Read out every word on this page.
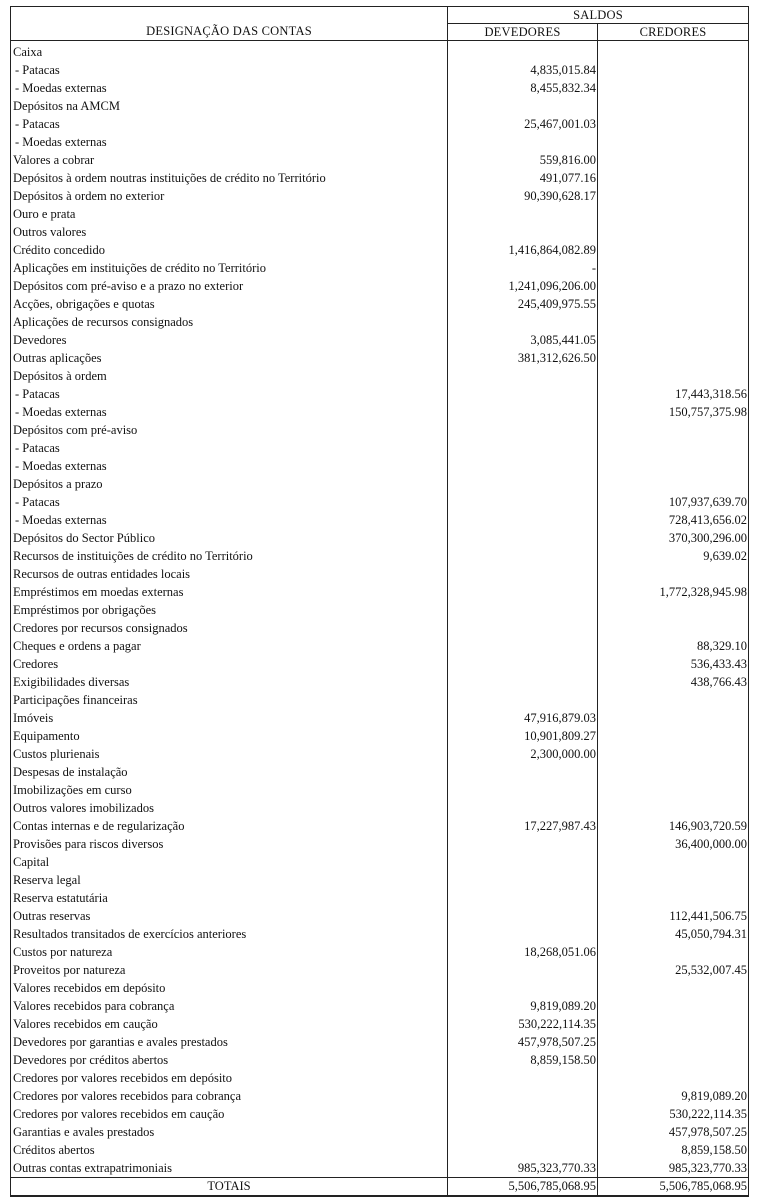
DESIGNAÇÃO DAS CONTAS	SALDOS	
	DEVEDORES	CREDORES
Caixa		
- Patacas	4,835,015.84	
- Moedas externas	8,455,832.34	
Depósitos na AMCM		
- Patacas	25,467,001.03	
- Moedas externas		
Valores a cobrar	559,816.00	
Depósitos à ordem noutras instituições de crédito no Território	491,077.16	
Depósitos à ordem no exterior	90,390,628.17	
Ouro e prata		
Outros valores		
Crédito concedido	1,416,864,082.89	
Aplicações em instituições de crédito no Território	-	
Depósitos com pré-aviso e a prazo no exterior	1,241,096,206.00	
Acções, obrigações e quotas	245,409,975.55	
Aplicações de recursos consignados		
Devedores	3,085,441.05	
Outras aplicações	381,312,626.50	
Depósitos à ordem		
- Patacas		17,443,318.56
- Moedas externas		150,757,375.98
Depósitos com pré-aviso		
- Patacas		
- Moedas externas		
Depósitos a prazo		
- Patacas		107,937,639.70
- Moedas externas		728,413,656.02
Depósitos do Sector Público		370,300,296.00
Recursos de instituições de crédito no Território		9,639.02
Recursos de outras entidades locais		
Empréstimos em moedas externas		1,772,328,945.98
Empréstimos por obrigações		
Credores por recursos consignados		
Cheques e ordens a pagar		88,329.10
Credores		536,433.43
Exigibilidades diversas		438,766.43
Participações financeiras		
Imóveis	47,916,879.03	
Equipamento	10,901,809.27	
Custos plurienais	2,300,000.00	
Despesas de instalação		
Imobilizações em curso		
Outros valores imobilizados		
Contas internas e de regularização	17,227,987.43	146,903,720.59
Provisões para riscos diversos		36,400,000.00
Capital		
Reserva legal		
Reserva estatutária		
Outras reservas		112,441,506.75
Resultados transitados de exercícios anteriores		45,050,794.31
Custos por natureza	18,268,051.06	
Proveitos por natureza		25,532,007.45
Valores recebidos em depósito		
Valores recebidos para cobrança	9,819,089.20	
Valores recebidos em caução	530,222,114.35	
Devedores por garantias e avales prestados	457,978,507.25	
Devedores por créditos abertos	8,859,158.50	
Credores por valores recebidos em depósito		
Credores por valores recebidos para cobrança		9,819,089.20
Credores por valores recebidos em caução		530,222,114.35
Garantias e avales prestados		457,978,507.25
Créditos abertos		8,859,158.50
Outras contas extrapatrimoniais	985,323,770.33	985,323,770.33
TOTAIS	5,506,785,068.95	5,506,785,068.95
